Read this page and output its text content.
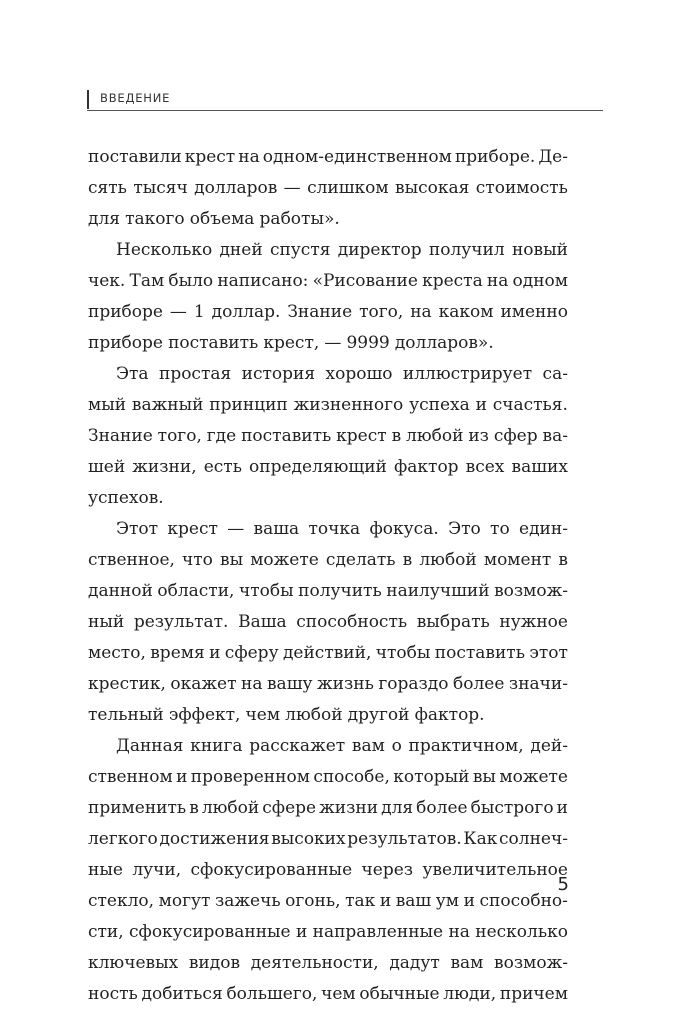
ВВЕДЕНИЕ
поставили крест на одном-единственном приборе. Де-
сять тысяч долларов — слишком высокая стоимость
для такого объема работы».
Несколько дней спустя директор получил новый
чек. Там было написано: «Рисование креста на одном
приборе — 1 доллар. Знание того, на каком именно
приборе поставить крест, — 9999 долларов».
Эта простая история хорошо иллюстрирует са-
мый важный принцип жизненного успеха и счастья.
Знание того, где поставить крест в любой из сфер ва-
шей жизни, есть определяющий фактор всех ваших
успехов.
Этот крест — ваша точка фокуса. Это то един-
ственное, что вы можете сделать в любой момент в
данной области, чтобы получить наилучший возмож-
ный результат. Ваша способность выбрать нужное
место, время и сферу действий, чтобы поставить этот
крестик, окажет на вашу жизнь гораздо более значи-
тельный эффект, чем любой другой фактор.
Данная книга расскажет вам о практичном, дей-
ственном и проверенном способе, который вы можете
применить в любой сфере жизни для более быстрого и
легкого достижения высоких результатов. Как солнеч-
ные лучи, сфокусированные через увеличительное
стекло, могут зажечь огонь, так и ваш ум и способно-
сти, сфокусированные и направленные на несколько
ключевых видов деятельности, дадут вам возмож-
ность добиться большего, чем обычные люди, причем
5
